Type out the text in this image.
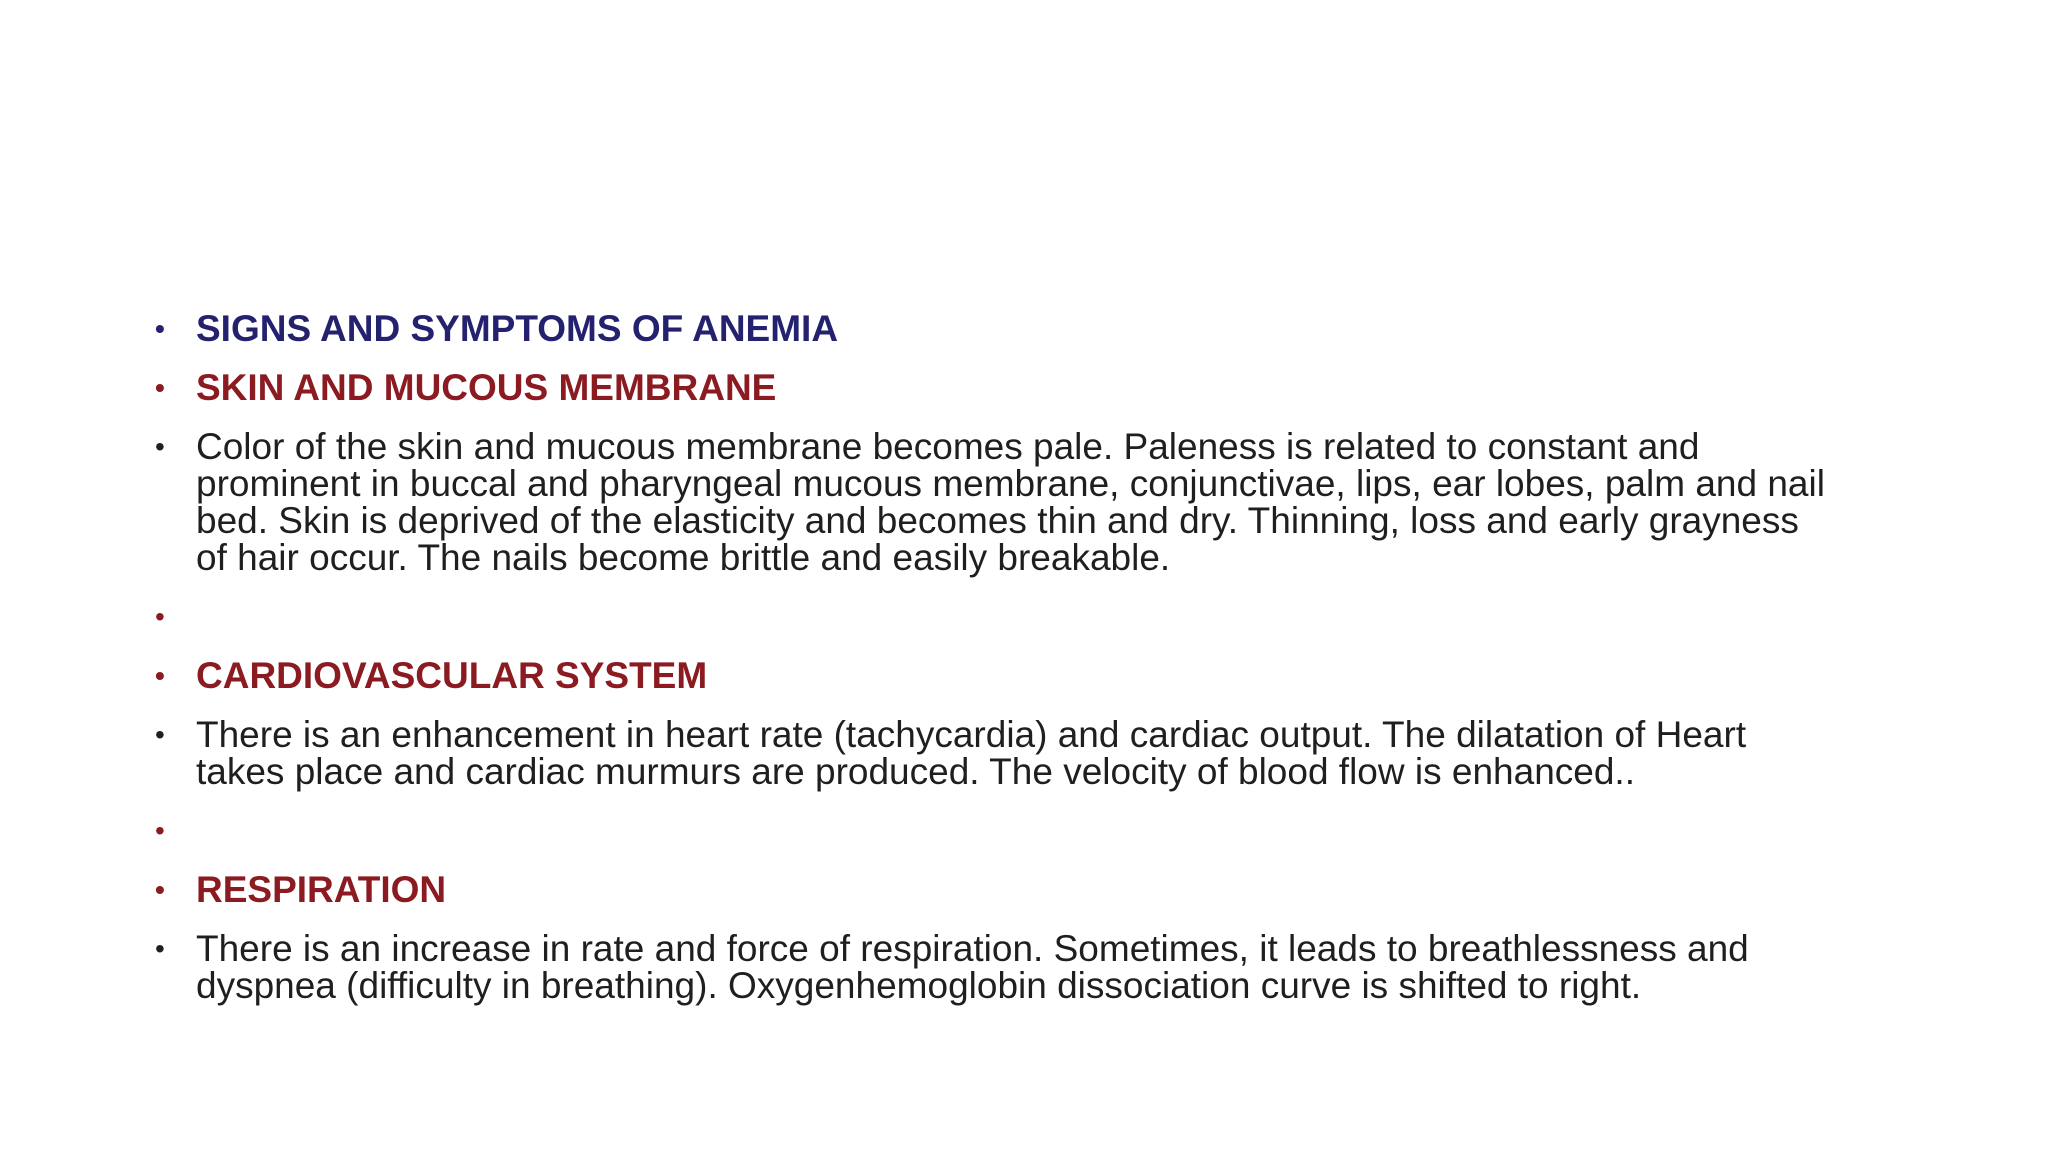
• SIGNS AND SYMPTOMS OF ANEMIA
• SKIN AND MUCOUS MEMBRANE
• Color of the skin and mucous membrane becomes pale. Paleness is related to constant and
prominent in buccal and pharyngeal mucous membrane, conjunctivae, lips, ear lobes, palm and nail
bed. Skin is deprived of the elasticity and becomes thin and dry. Thinning, loss and early grayness
of hair occur. The nails become brittle and easily breakable.
•
• CARDIOVASCULAR SYSTEM
• There is an enhancement in heart rate (tachycardia) and cardiac output. The dilatation of Heart
takes place and cardiac murmurs are produced. The velocity of blood flow is enhanced..
•
• RESPIRATION
• There is an increase in rate and force of respiration. Sometimes, it leads to breathlessness and
dyspnea (difficulty in breathing). Oxygenhemoglobin dissociation curve is shifted to right.
